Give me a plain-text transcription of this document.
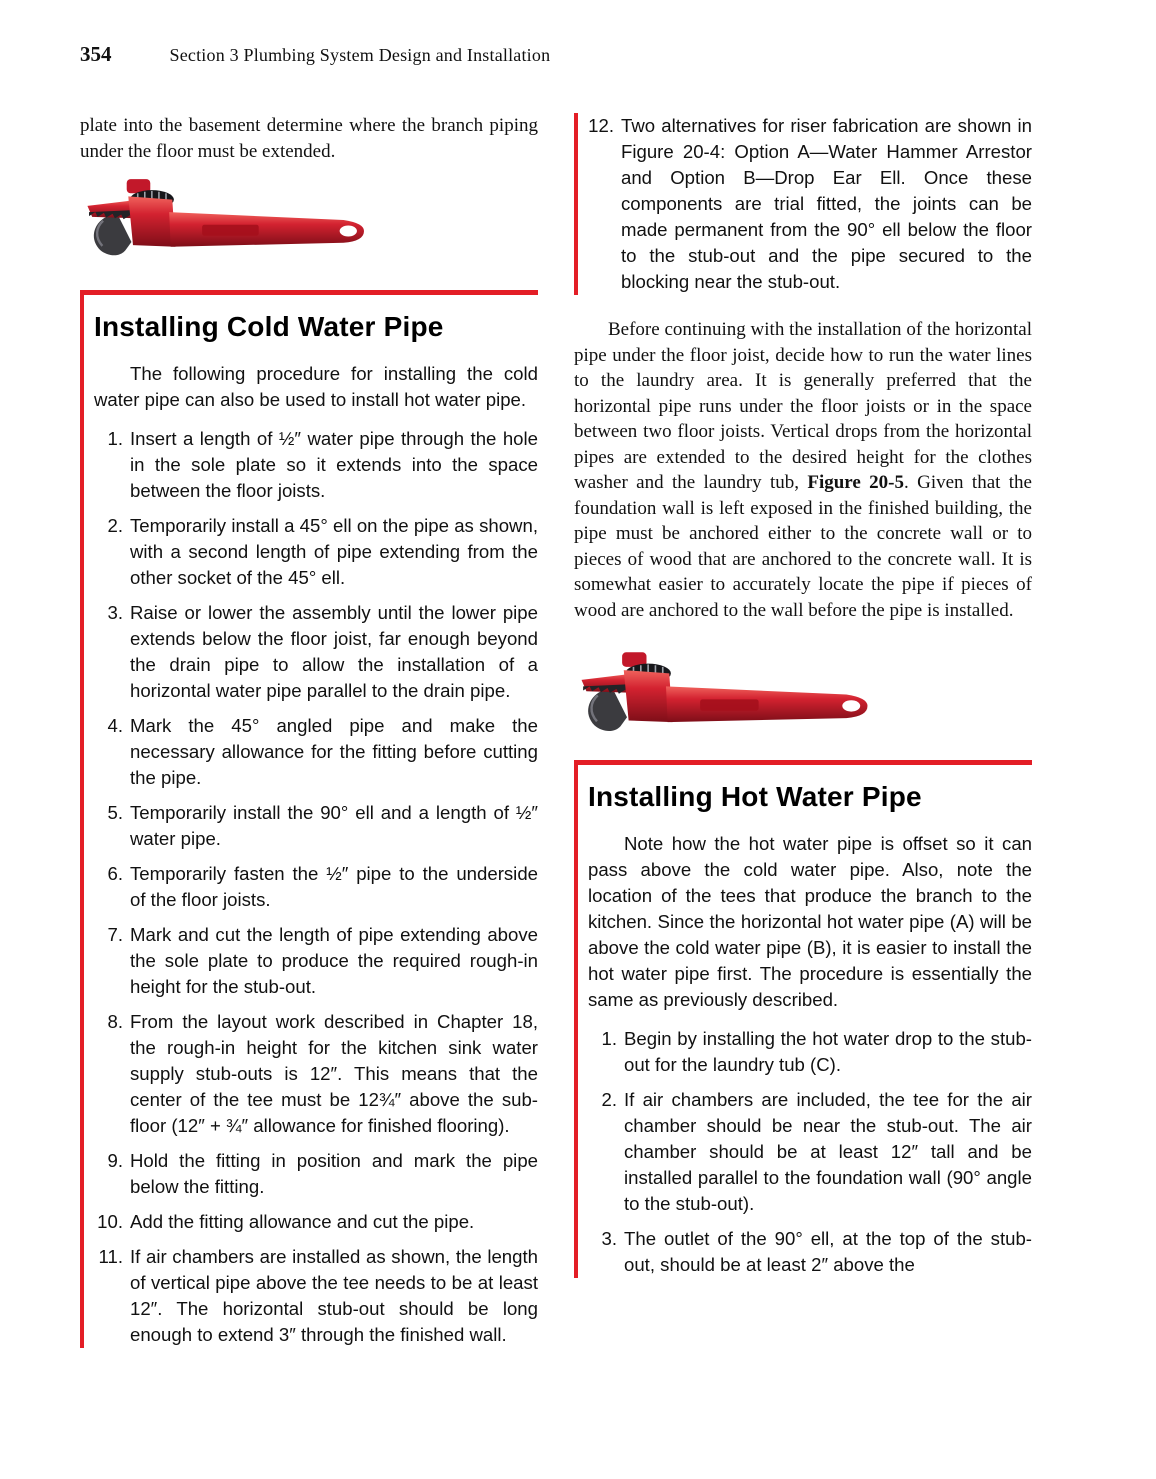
354	Section 3 Plumbing System Design and Installation

plate into the basement determine where the branch piping under the floor must be extended.

Installing Cold Water Pipe

The following procedure for installing the cold water pipe can also be used to install hot water pipe.

1. Insert a length of ½″ water pipe through the hole in the sole plate so it extends into the space between the floor joists.
2. Temporarily install a 45° ell on the pipe as shown, with a second length of pipe extending from the other socket of the 45° ell.
3. Raise or lower the assembly until the lower pipe extends below the floor joist, far enough beyond the drain pipe to allow the installation of a horizontal water pipe parallel to the drain pipe.
4. Mark the 45° angled pipe and make the necessary allowance for the fitting before cutting the pipe.
5. Temporarily install the 90° ell and a length of ½″ water pipe.
6. Temporarily fasten the ½″ pipe to the underside of the floor joists.
7. Mark and cut the length of pipe extending above the sole plate to produce the required rough-in height for the stub-out.
8. From the layout work described in Chapter 18, the rough-in height for the kitchen sink water supply stub-outs is 12″. This means that the center of the tee must be 12¾″ above the sub-floor (12″ + ¾″ allowance for finished flooring).
9. Hold the fitting in position and mark the pipe below the fitting.
10. Add the fitting allowance and cut the pipe.
11. If air chambers are installed as shown, the length of vertical pipe above the tee needs to be at least 12″. The horizontal stub-out should be long enough to extend 3″ through the finished wall.
12. Two alternatives for riser fabrication are shown in Figure 20-4: Option A—Water Hammer Arrestor and Option B—Drop Ear Ell. Once these components are trial fitted, the joints can be made permanent from the 90° ell below the floor to the stub-out and the pipe secured to the blocking near the stub-out.

Before continuing with the installation of the horizontal pipe under the floor joist, decide how to run the water lines to the laundry area. It is generally preferred that the horizontal pipe runs under the floor joists or in the space between two floor joists. Vertical drops from the horizontal pipes are extended to the desired height for the clothes washer and the laundry tub, Figure 20-5. Given that the foundation wall is left exposed in the finished building, the pipe must be anchored either to the concrete wall or to pieces of wood that are anchored to the concrete wall. It is somewhat easier to accurately locate the pipe if pieces of wood are anchored to the wall before the pipe is installed.

Installing Hot Water Pipe

Note how the hot water pipe is offset so it can pass above the cold water pipe. Also, note the location of the tees that produce the branch to the kitchen. Since the horizontal hot water pipe (A) will be above the cold water pipe (B), it is easier to install the hot water pipe first. The procedure is essentially the same as previously described.

1. Begin by installing the hot water drop to the stub-out for the laundry tub (C).
2. If air chambers are included, the tee for the air chamber should be near the stub-out. The air chamber should be at least 12″ tall and be installed parallel to the foundation wall (90° angle to the stub-out).
3. The outlet of the 90° ell, at the top of the stub-out, should be at least 2″ above the
